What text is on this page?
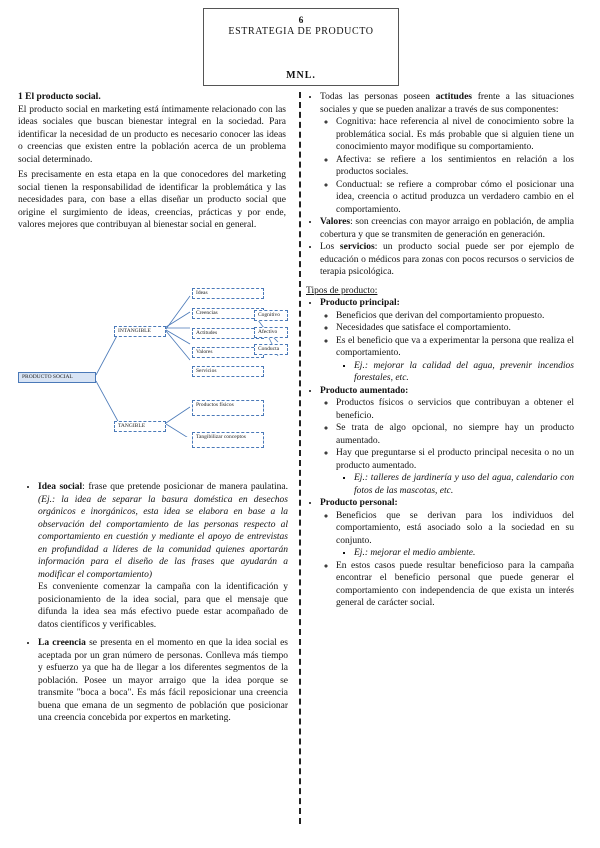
6
ESTRATEGIA DE PRODUCTO
MNL.

1 El producto social.

El producto social en marketing está íntimamente relacionado con las ideas sociales que buscan bienestar integral en la sociedad. Para identificar la necesidad de un producto es necesario conocer las ideas o creencias que existen entre la población acerca de un problema social determinado.

Es precisamente en esta etapa en la que conocedores del marketing social tienen la responsabilidad de identificar la problemática y las necesidades para, con base a ellas diseñar un producto social que origine el surgimiento de ideas, creencias, prácticas y por ende, valores mejores que contribuyan al bienestar social en general.

PRODUCTO SOCIAL
INTANGIBLE
TANGIBLE
Ideas
Creencias
Actitudes
Valores
Servicios
Cognitivo
Afectivo
Conducta
Productos físicos
Tangibilizar conceptos
• Idea social: frase que pretende posicionar de manera paulatina. (Ej.: la idea de separar la basura doméstica en desechos orgánicos e inorgánicos, esta idea se elabora en base a la observación del comportamiento de las personas respecto al comportamiento en cuestión y mediante el apoyo de entrevistas en profundidad a líderes de la comunidad quienes aportarán información para el diseño de las frases que ayudarán a modificar el comportamiento)

Es conveniente comenzar la campaña con la identificación y posicionamiento de la idea social, para que el mensaje que difunda la idea sea más efectivo puede estar acompañado de datos científicos y verificables.

• La creencia se presenta en el momento en que la idea social es aceptada por un gran número de personas. Conlleva más tiempo y esfuerzo ya que ha de llegar a los diferentes segmentos de la población. Posee un mayor arraigo que la idea porque se transmite "boca a boca". Es más fácil reposicionar una creencia buena que emana de un segmento de población que posicionar una creencia concebida por expertos en marketing.
• Todas las personas poseen actitudes frente a las situaciones sociales y que se pueden analizar a través de sus componentes:
◦ Cognitiva: hace referencia al nivel de conocimiento sobre la problemática social. Es más probable que si alguien tiene un conocimiento mayor modifique su comportamiento.
◦ Afectiva: se refiere a los sentimientos en relación a los productos sociales.
◦ Conductual: se refiere a comprobar cómo el posicionar una idea, creencia o actitud produzca un verdadero cambio en el comportamiento.
• Valores: son creencias con mayor arraigo en población, de amplia cobertura y que se transmiten de generación en generación.
• Los servicios: un producto social puede ser por ejemplo de educación o médicos para zonas con pocos recursos o servicios de terapia psicológica.

Tipos de producto:

• Producto principal:
◦ Beneficios que derivan del comportamiento propuesto.
◦ Necesidades que satisface el comportamiento.
◦ Es el beneficio que va a experimentar la persona que realiza el comportamiento.
▪ Ej.: mejorar la calidad del agua, prevenir incendios forestales, etc.
• Producto aumentado:
◦ Productos físicos o servicios que contribuyan a obtener el beneficio.
◦ Se trata de algo opcional, no siempre hay un producto aumentado.
◦ Hay que preguntarse si el producto principal necesita o no un producto aumentado.
▪ Ej.: talleres de jardinería y uso del agua, calendario con fotos de las mascotas, etc.
• Producto personal:
◦ Beneficios que se derivan para los individuos del comportamiento, está asociado solo a la sociedad en su conjunto.
▪ Ej.: mejorar el medio ambiente.
◦ En estos casos puede resultar beneficioso para la campaña encontrar el beneficio personal que puede generar el comportamiento con independencia de que exista un interés general de carácter social.
